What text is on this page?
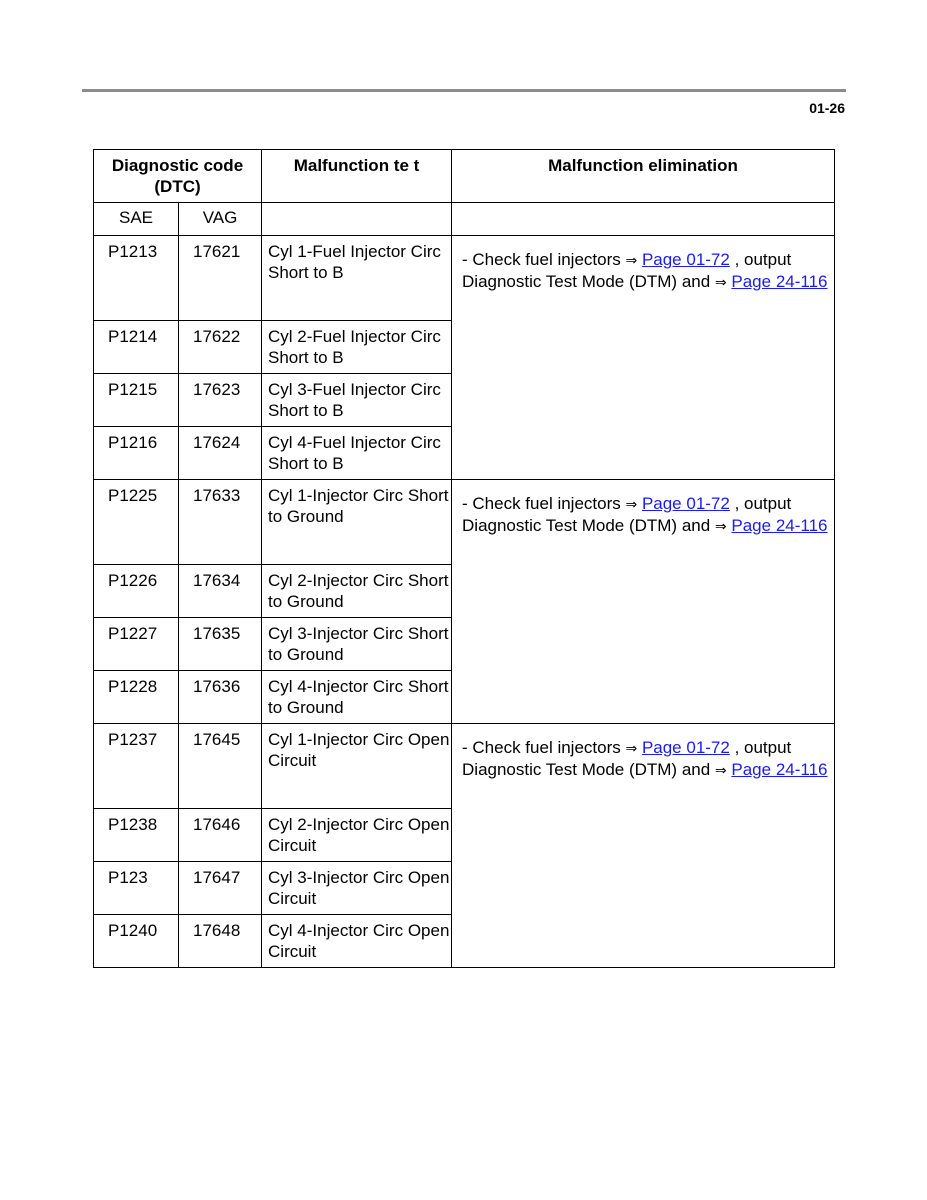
01-26
Diagnostic code (DTC)		Malfunction te t	Malfunction elimination
SAE	VAG		
P1213	17621	Cyl 1-Fuel Injector Circ Short to B	- Check fuel injectors ⇒ Page 01-72 , output Diagnostic Test Mode (DTM) and ⇒ Page 24-116
P1214	17622	Cyl 2-Fuel Injector Circ Short to B	
P1215	17623	Cyl 3-Fuel Injector Circ Short to B	
P1216	17624	Cyl 4-Fuel Injector Circ Short to B	
P1225	17633	Cyl 1-Injector Circ Short to Ground	- Check fuel injectors ⇒ Page 01-72 , output Diagnostic Test Mode (DTM) and ⇒ Page 24-116
P1226	17634	Cyl 2-Injector Circ Short to Ground	
P1227	17635	Cyl 3-Injector Circ Short to Ground	
P1228	17636	Cyl 4-Injector Circ Short to Ground	
P1237	17645	Cyl 1-Injector Circ Open Circuit	- Check fuel injectors ⇒ Page 01-72 , output Diagnostic Test Mode (DTM) and ⇒ Page 24-116
P1238	17646	Cyl 2-Injector Circ Open Circuit	
P123	17647	Cyl 3-Injector Circ Open Circuit	
P1240	17648	Cyl 4-Injector Circ Open Circuit	
